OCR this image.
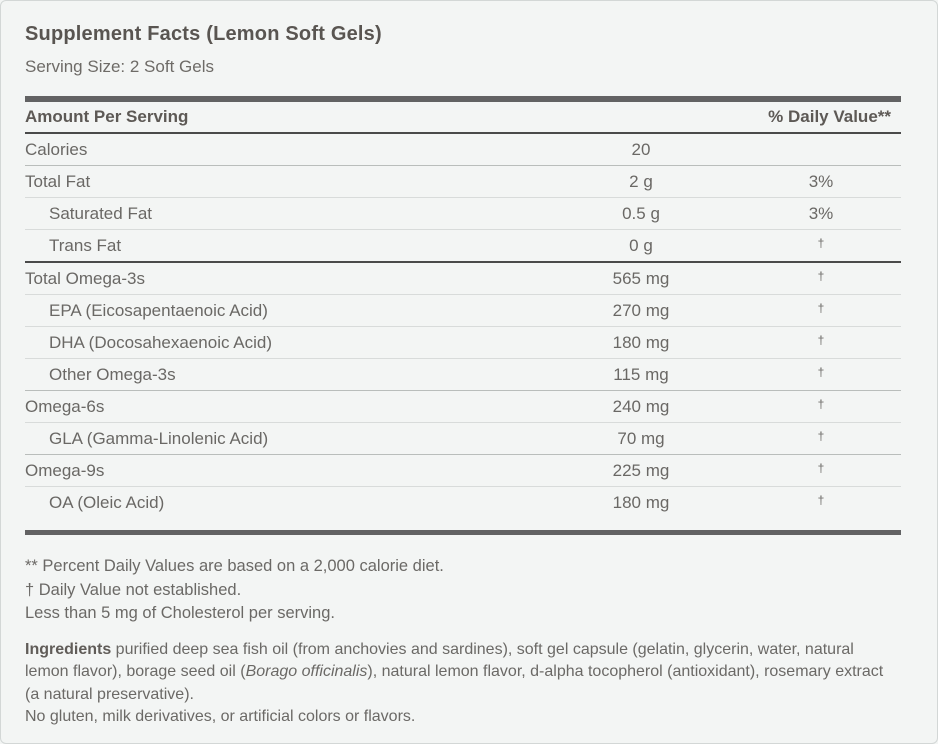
Supplement Facts (Lemon Soft Gels)
Serving Size: 2 Soft Gels
Amount Per Serving	% Daily Value**
Calories	20
Total Fat	2 g	3%
Saturated Fat	0.5 g	3%
Trans Fat	0 g	†
Total Omega-3s	565 mg	†
EPA (Eicosapentaenoic Acid)	270 mg	†
DHA (Docosahexaenoic Acid)	180 mg	†
Other Omega-3s	115 mg	†
Omega-6s	240 mg	†
GLA (Gamma-Linolenic Acid)	70 mg	†
Omega-9s	225 mg	†
OA (Oleic Acid)	180 mg	†
** Percent Daily Values are based on a 2,000 calorie diet.
† Daily Value not established.
Less than 5 mg of Cholesterol per serving.
Ingredients purified deep sea fish oil (from anchovies and sardines), soft gel capsule (gelatin, glycerin, water, natural lemon flavor), borage seed oil (Borago officinalis), natural lemon flavor, d-alpha tocopherol (antioxidant), rosemary extract (a natural preservative).
No gluten, milk derivatives, or artificial colors or flavors.
